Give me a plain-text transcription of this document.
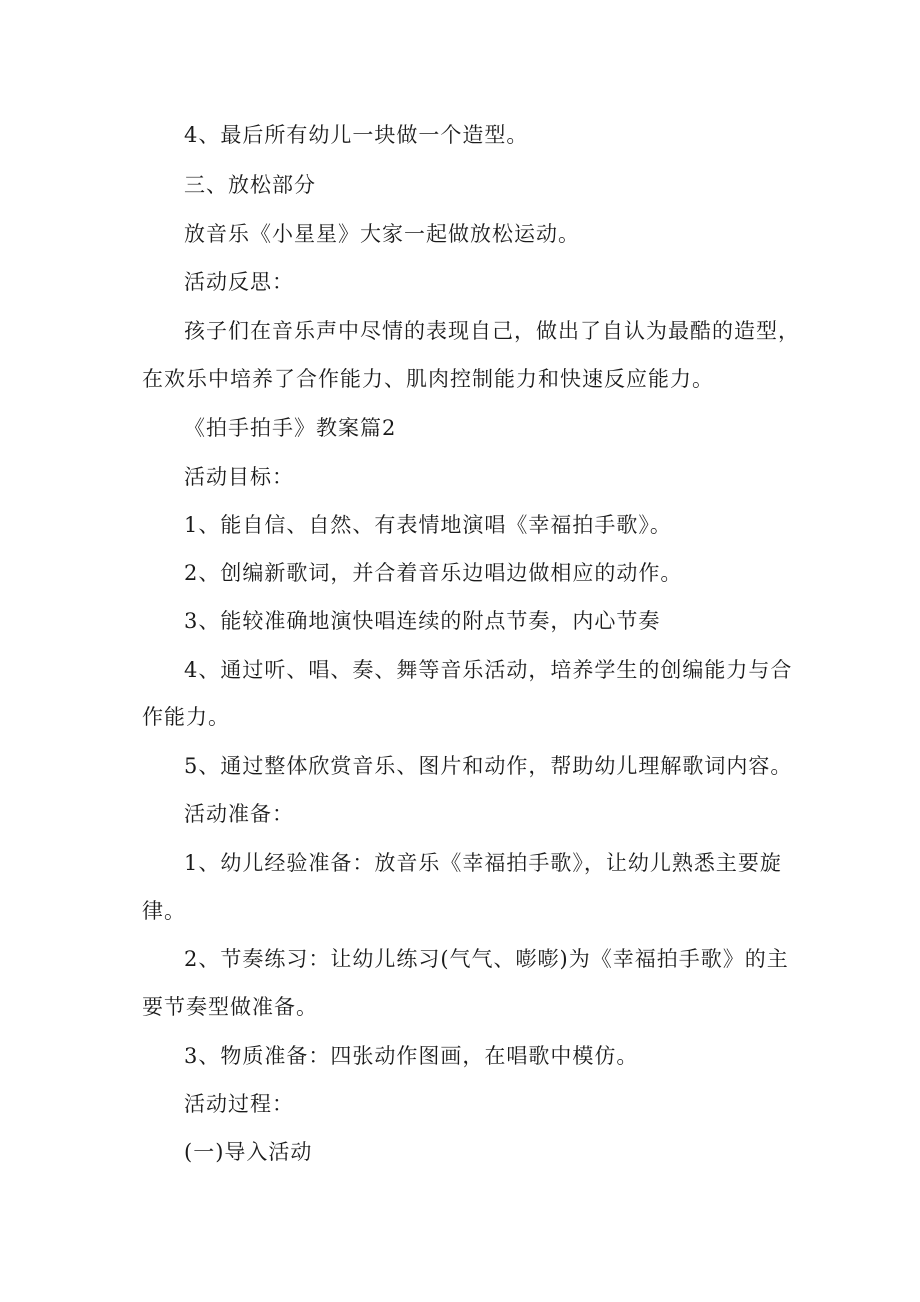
4、最后所有幼儿一块做一个造型。
三、放松部分
放音乐《小星星》大家一起做放松运动。
活动反思：
孩子们在音乐声中尽情的表现自己，做出了自认为最酷的造型，
在欢乐中培养了合作能力、肌肉控制能力和快速反应能力。
《拍手拍手》教案篇2
活动目标：
1、能自信、自然、有表情地演唱《幸福拍手歌》。
2、创编新歌词，并合着音乐边唱边做相应的动作。
3、能较准确地演快唱连续的附点节奏，内心节奏
4、通过听、唱、奏、舞等音乐活动，培养学生的创编能力与合
作能力。
5、通过整体欣赏音乐、图片和动作，帮助幼儿理解歌词内容。
活动准备：
1、幼儿经验准备：放音乐《幸福拍手歌》，让幼儿熟悉主要旋
律。
2、节奏练习：让幼儿练习(气气、嘭嘭)为《幸福拍手歌》的主
要节奏型做准备。
3、物质准备：四张动作图画，在唱歌中模仿。
活动过程：
(一)导入活动
